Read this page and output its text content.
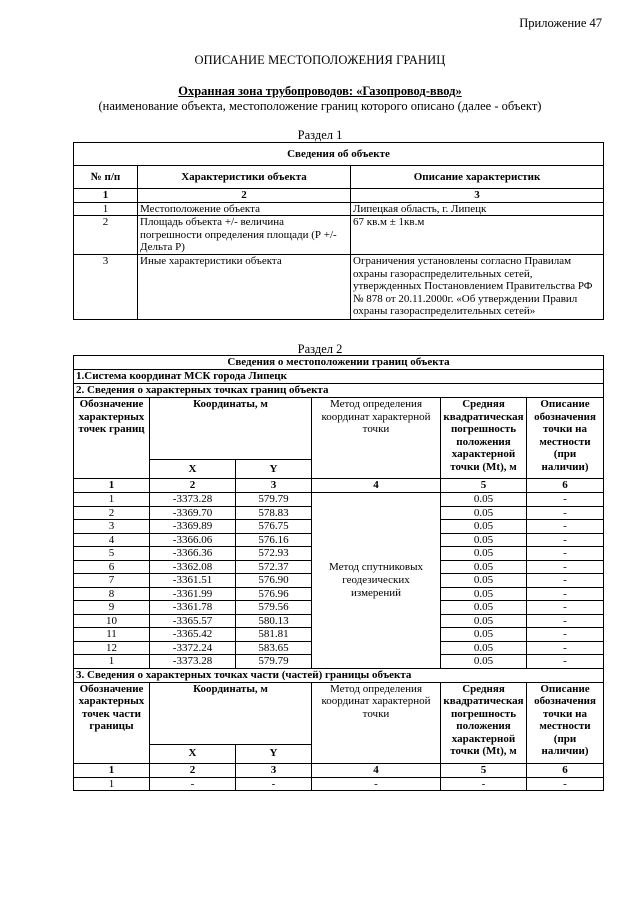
Приложение 47
ОПИСАНИЕ МЕСТОПОЛОЖЕНИЯ ГРАНИЦ
Охранная зона трубопроводов: «Газопровод-ввод»
(наименование объекта, местоположение границ которого описано (далее - объект)
Раздел 1
Сведения об объекте		
№ п/п	Характеристики объекта	Описание характеристик
1	2	3
1	Местоположение объекта	Липецкая область, г. Липецк
2	Площадь объекта +/- величина погрешности определения площади (Р +/- Дельта Р)	67 кв.м ± 1кв.м
3	Иные характеристики объекта	Ограничения установлены согласно Правилам охраны газораспределительных сетей, утвержденных Постановлением Правительства РФ № 878 от 20.11.2000г. «Об утверждении Правил охраны газораспределительных сетей»
Раздел 2
Сведения о местоположении границ объекта					
1.Система координат МСК города Липецк					
2. Сведения о характерных точках границ объекта					
Обозначение характерных точек границ	Координаты, м		Метод определения координат характерной точки	Средняя квадратическая погрешность положения характерной точки (Mt), м	Описание обозначения точки на местности (при наличии)
	X	Y			
1	2	3	4	5	6
1	-3373.28	579.79	Метод спутниковых геодезических измерений	0.05	-
2	-3369.70	578.83		0.05	-
3	-3369.89	576.75		0.05	-
4	-3366.06	576.16		0.05	-
5	-3366.36	572.93		0.05	-
6	-3362.08	572.37		0.05	-
7	-3361.51	576.90		0.05	-
8	-3361.99	576.96		0.05	-
9	-3361.78	579.56		0.05	-
10	-3365.57	580.13		0.05	-
11	-3365.42	581.81		0.05	-
12	-3372.24	583.65		0.05	-
1	-3373.28	579.79		0.05	-
3. Сведения о характерных точках части (частей) границы объекта					
Обозначение характерных точек части границы	Координаты, м		Метод определения координат характерной точки	Средняя квадратическая погрешность положения характерной точки (Mt), м	Описание обозначения точки на местности (при наличии)
	X	Y			
1	2	3	4	5	6
1	-	-	-	-	-
